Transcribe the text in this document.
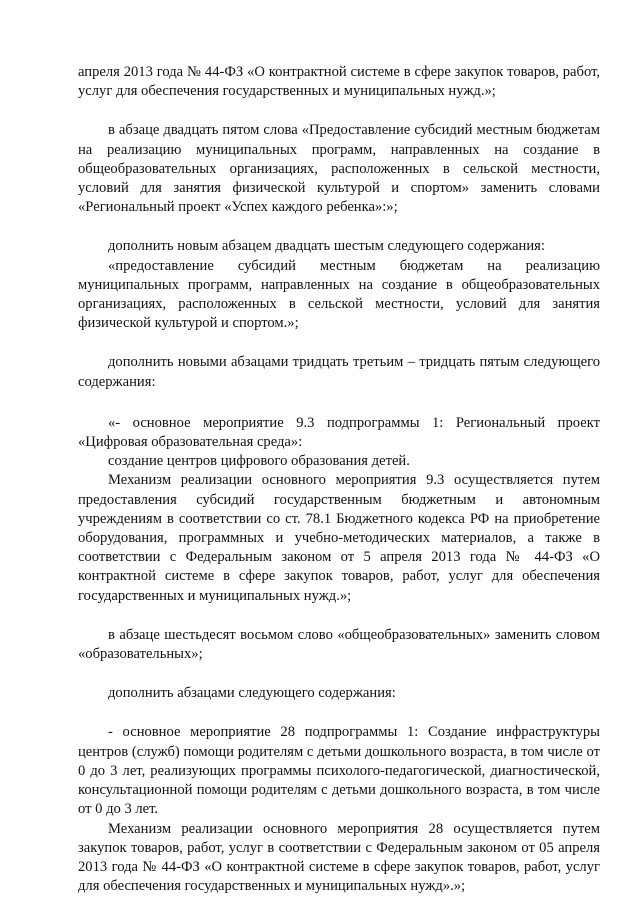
апреля 2013 года № 44-ФЗ «О контрактной системе в сфере закупок товаров, работ, услуг для обеспечения государственных и муниципальных нужд.»;

в абзаце двадцать пятом слова «Предоставление субсидий местным бюджетам на реализацию муниципальных программ, направленных на создание в общеобразовательных организациях, расположенных в сельской местности, условий для занятия физической культурой и спортом» заменить словами «Региональный проект «Успех каждого ребенка»:»;

дополнить новым абзацем двадцать шестым следующего содержания:

«предоставление субсидий местным бюджетам на реализацию муниципальных программ, направленных на создание в общеобразовательных организациях, расположенных в сельской местности, условий для занятия физической культурой и спортом.»;

дополнить новыми абзацами тридцать третьим – тридцать пятым следующего содержания:

«- основное мероприятие 9.3 подпрограммы 1: Региональный проект «Цифровая образовательная среда»:

создание центров цифрового образования детей.

Механизм реализации основного мероприятия 9.3 осуществляется путем предоставления субсидий государственным бюджетным и автономным учреждениям в соответствии со ст. 78.1 Бюджетного кодекса РФ на приобретение оборудования, программных и учебно-методических материалов, а также в соответствии с Федеральным законом от 5 апреля 2013 года № 44-ФЗ «О контрактной системе в сфере закупок товаров, работ, услуг для обеспечения государственных и муниципальных нужд.»;

в абзаце шестьдесят восьмом слово «общеобразовательных» заменить словом «образовательных»;

дополнить абзацами следующего содержания:

- основное мероприятие 28 подпрограммы 1: Создание инфраструктуры центров (служб) помощи родителям с детьми дошкольного возраста, в том числе от 0 до 3 лет, реализующих программы психолого-педагогической, диагностической, консультационной помощи родителям с детьми дошкольного возраста, в том числе от 0 до 3 лет.

Механизм реализации основного мероприятия 28 осуществляется путем закупок товаров, работ, услуг в соответствии с Федеральным законом от 05 апреля 2013 года № 44-ФЗ «О контрактной системе в сфере закупок товаров, работ, услуг для обеспечения государственных и муниципальных нужд».»;
